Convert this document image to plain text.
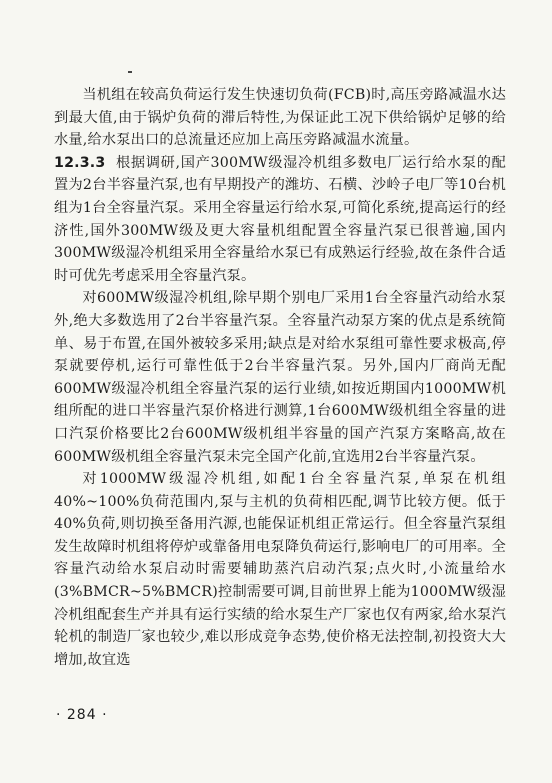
当机组在较高负荷运行发生快速切负荷(FCB)时,高压旁路减温水达到最大值,由于锅炉负荷的滞后特性,为保证此工况下供给锅炉足够的给水量,给水泵出口的总流量还应加上高压旁路减温水流量。

12.3.3 根据调研,国产300MW级湿冷机组多数电厂运行给水泵的配置为2台半容量汽泵,也有早期投产的潍坊、石横、沙岭子电厂等10台机组为1台全容量汽泵。采用全容量运行给水泵,可简化系统,提高运行的经济性,国外300MW级及更大容量机组配置全容量汽泵已很普遍,国内300MW级湿冷机组采用全容量给水泵已有成熟运行经验,故在条件合适时可优先考虑采用全容量汽泵。

对600MW级湿冷机组,除早期个别电厂采用1台全容量汽动给水泵外,绝大多数选用了2台半容量汽泵。全容量汽动泵方案的优点是系统简单、易于布置,在国外被较多采用;缺点是对给水泵组可靠性要求极高,停泵就要停机,运行可靠性低于2台半容量汽泵。另外,国内厂商尚无配600MW级湿冷机组全容量汽泵的运行业绩,如按近期国内1000MW机组所配的进口半容量汽泵价格进行测算,1台600MW级机组全容量的进口汽泵价格要比2台600MW级机组半容量的国产汽泵方案略高,故在600MW级机组全容量汽泵未完全国产化前,宜选用2台半容量汽泵。

对1000MW级湿冷机组,如配1台全容量汽泵,单泵在机组40%~100%负荷范围内,泵与主机的负荷相匹配,调节比较方便。低于40%负荷,则切换至备用汽源,也能保证机组正常运行。但全容量汽泵组发生故障时机组将停炉或靠备用电泵降负荷运行,影响电厂的可用率。全容量汽动给水泵启动时需要辅助蒸汽启动汽泵;点火时,小流量给水(3%BMCR~5%BMCR)控制需要可调,目前世界上能为1000MW级湿冷机组配套生产并具有运行实绩的给水泵生产厂家也仅有两家,给水泵汽轮机的制造厂家也较少,难以形成竞争态势,使价格无法控制,初投资大大增加,故宜选

· 284 ·
